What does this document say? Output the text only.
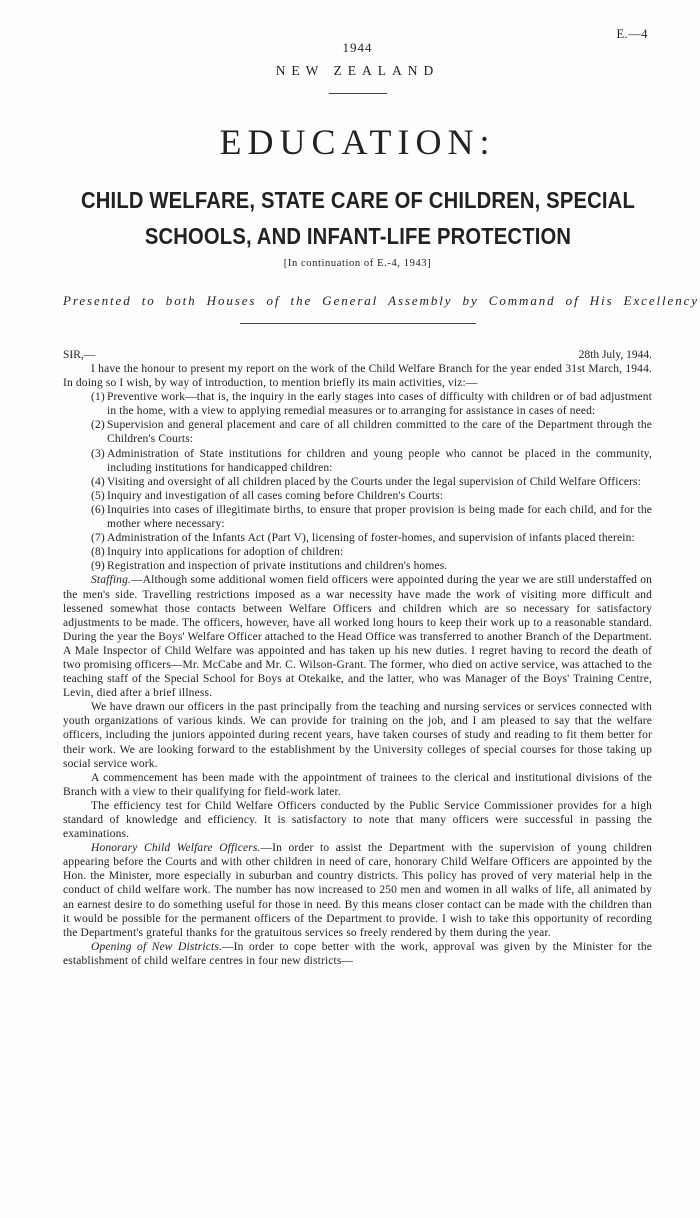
E.—4

1944

NEW ZEALAND

EDUCATION:
CHILD WELFARE, STATE CARE OF CHILDREN, SPECIAL SCHOOLS, AND INFANT-LIFE PROTECTION

[In continuation of E.-4, 1943]

Presented to both Houses of the General Assembly by Command of His Excellency

SIR,—	28th July, 1944.

I have the honour to present my report on the work of the Child Welfare Branch for the year ended 31st March, 1944. In doing so I wish, by way of introduction, to mention briefly its main activities, viz:—

(1) Preventive work—that is, the inquiry in the early stages into cases of difficulty with children or of bad adjustment in the home, with a view to applying remedial measures or to arranging for assistance in cases of need:
(2) Supervision and general placement and care of all children committed to the care of the Department through the Children's Courts:
(3) Administration of State institutions for children and young people who cannot be placed in the community, including institutions for handicapped children:
(4) Visiting and oversight of all children placed by the Courts under the legal supervision of Child Welfare Officers:
(5) Inquiry and investigation of all cases coming before Children's Courts:
(6) Inquiries into cases of illegitimate births, to ensure that proper provision is being made for each child, and for the mother where necessary:
(7) Administration of the Infants Act (Part V), licensing of foster-homes, and supervision of infants placed therein:
(8) Inquiry into applications for adoption of children:
(9) Registration and inspection of private institutions and children's homes.

Staffing.—Although some additional women field officers were appointed during the year we are still understaffed on the men's side. Travelling restrictions imposed as a war necessity have made the work of visiting more difficult and lessened somewhat those contacts between Welfare Officers and children which are so necessary for satisfactory adjustments to be made. The officers, however, have all worked long hours to keep their work up to a reasonable standard. During the year the Boys' Welfare Officer attached to the Head Office was transferred to another Branch of the Department. A Male Inspector of Child Welfare was appointed and has taken up his new duties. I regret having to record the death of two promising officers—Mr. McCabe and Mr. C. Wilson-Grant. The former, who died on active service, was attached to the teaching staff of the Special School for Boys at Otekaike, and the latter, who was Manager of the Boys' Training Centre, Levin, died after a brief illness.

We have drawn our officers in the past principally from the teaching and nursing services or services connected with youth organizations of various kinds. We can provide for training on the job, and I am pleased to say that the welfare officers, including the juniors appointed during recent years, have taken courses of study and reading to fit them better for their work. We are looking forward to the establishment by the University colleges of special courses for those taking up social service work.

A commencement has been made with the appointment of trainees to the clerical and institutional divisions of the Branch with a view to their qualifying for field-work later.

The efficiency test for Child Welfare Officers conducted by the Public Service Commissioner provides for a high standard of knowledge and efficiency. It is satisfactory to note that many officers were successful in passing the examinations.

Honorary Child Welfare Officers.—In order to assist the Department with the supervision of young children appearing before the Courts and with other children in need of care, honorary Child Welfare Officers are appointed by the Hon. the Minister, more especially in suburban and country districts. This policy has proved of very material help in the conduct of child welfare work. The number has now increased to 250 men and women in all walks of life, all animated by an earnest desire to do something useful for those in need. By this means closer contact can be made with the children than it would be possible for the permanent officers of the Department to provide. I wish to take this opportunity of recording the Department's grateful thanks for the gratuitous services so freely rendered by them during the year.

Opening of New Districts.—In order to cope better with the work, approval was given by the Minister for the establishment of child welfare centres in four new districts—
